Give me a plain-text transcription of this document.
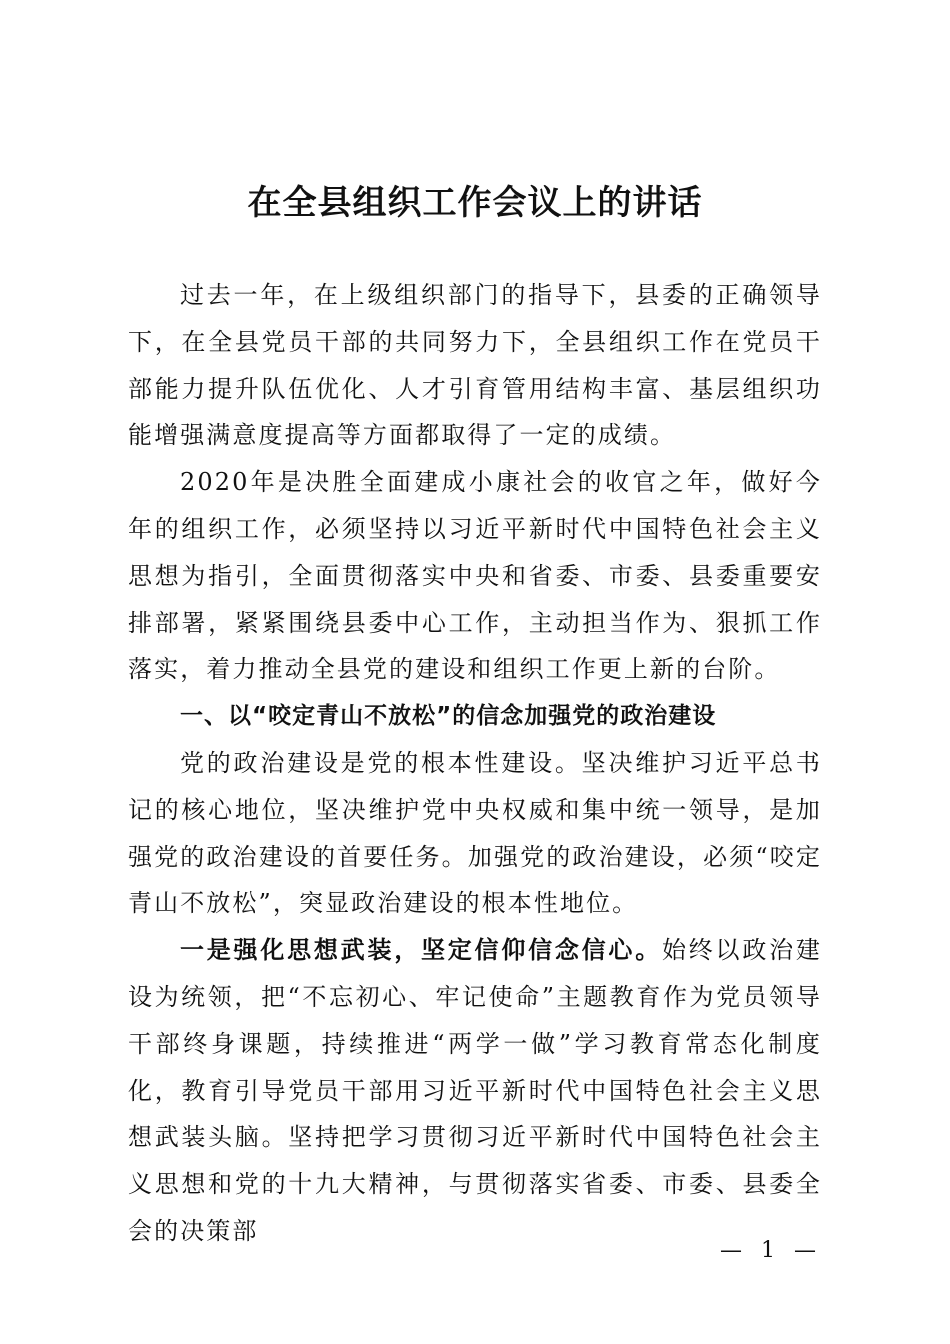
在全县组织工作会议上的讲话

过去一年，在上级组织部门的指导下，县委的正确领导下，在全县党员干部的共同努力下，全县组织工作在党员干部能力提升队伍优化、人才引育管用结构丰富、基层组织功能增强满意度提高等方面都取得了一定的成绩。

2020年是决胜全面建成小康社会的收官之年，做好今年的组织工作，必须坚持以习近平新时代中国特色社会主义思想为指引，全面贯彻落实中央和省委、市委、县委重要安排部署，紧紧围绕县委中心工作，主动担当作为、狠抓工作落实，着力推动全县党的建设和组织工作更上新的台阶。

一、以“咬定青山不放松”的信念加强党的政治建设

党的政治建设是党的根本性建设。坚决维护习近平总书记的核心地位，坚决维护党中央权威和集中统一领导，是加强党的政治建设的首要任务。加强党的政治建设，必须“咬定青山不放松”，突显政治建设的根本性地位。

一是强化思想武装，坚定信仰信念信心。始终以政治建设为统领，把“不忘初心、牢记使命”主题教育作为党员领导干部终身课题，持续推进“两学一做”学习教育常态化制度化，教育引导党员干部用习近平新时代中国特色社会主义思想武装头脑。坚持把学习贯彻习近平新时代中国特色社会主义思想和党的十九大精神，与贯彻落实省委、市委、县委全会的决策部

— 1 —
